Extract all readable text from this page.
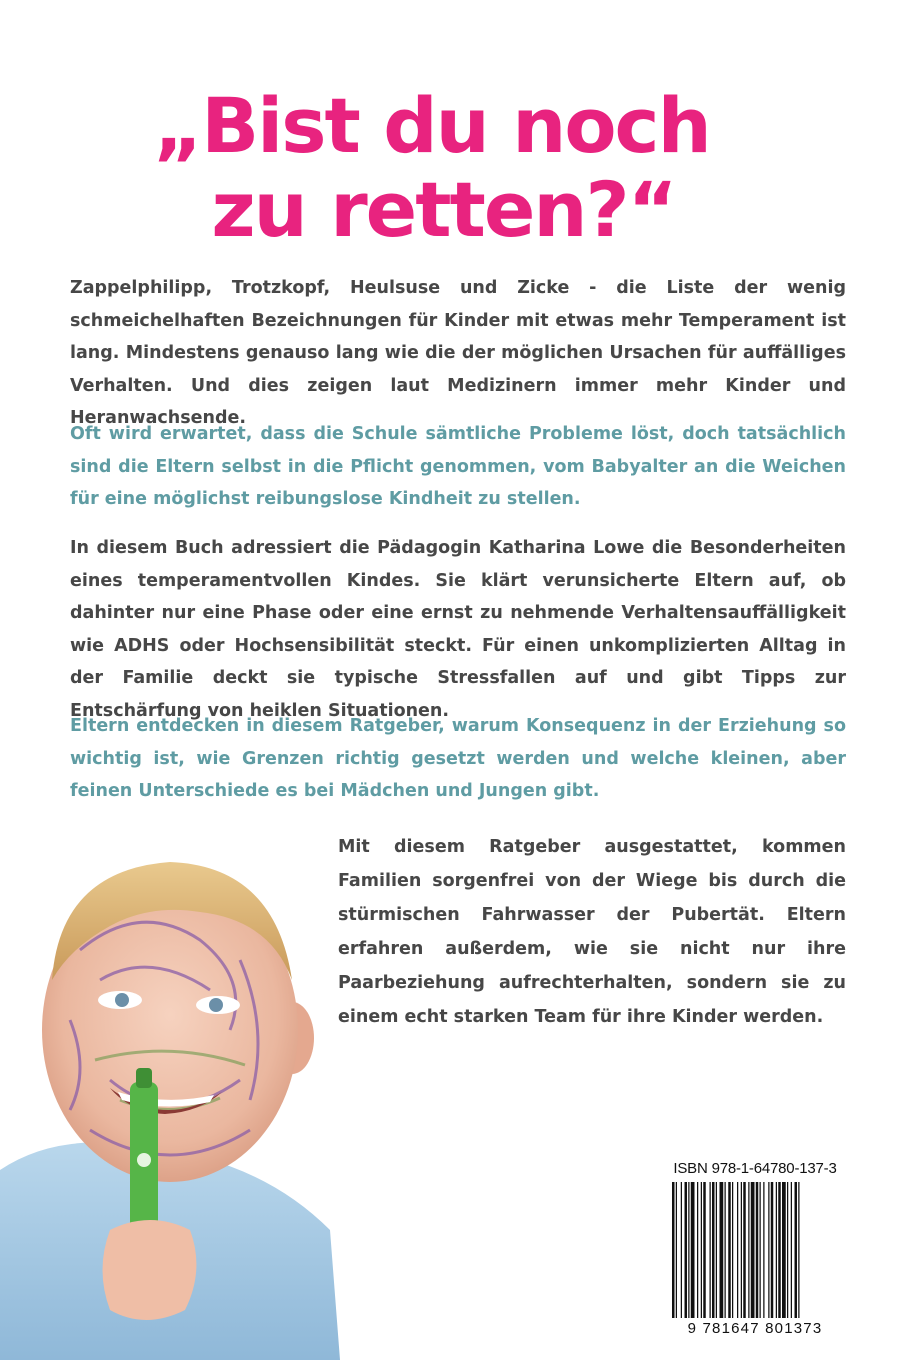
„Bist du noch
zu retten?“

Zappelphilipp, Trotzkopf, Heulsuse und Zicke - die Liste der wenig schmeichelhaften Bezeichnungen für Kinder mit etwas mehr Temperament ist lang. Mindestens genauso lang wie die der möglichen Ursachen für auffälliges Verhalten. Und dies zeigen laut Medizinern immer mehr Kinder und Heranwachsende.

Oft wird erwartet, dass die Schule sämtliche Probleme löst, doch tatsächlich sind die Eltern selbst in die Pflicht genommen, vom Babyalter an die Weichen für eine möglichst reibungslose Kindheit zu stellen.

In diesem Buch adressiert die Pädagogin Katharina Lowe die Besonderheiten eines temperamentvollen Kindes. Sie klärt verunsicherte Eltern auf, ob dahinter nur eine Phase oder eine ernst zu nehmende Verhaltensauffälligkeit wie ADHS oder Hochsensibilität steckt. Für einen unkomplizierten Alltag in der Familie deckt sie typische Stressfallen auf und gibt Tipps zur Entschärfung von heiklen Situationen.

Eltern entdecken in diesem Ratgeber, warum Konsequenz in der Erziehung so wichtig ist, wie Grenzen richtig gesetzt werden und welche kleinen, aber feinen Unterschiede es bei Mädchen und Jungen gibt.

Mit diesem Ratgeber ausgestattet, kommen Familien sorgenfrei von der Wiege bis durch die stürmischen Fahrwasser der Pubertät. Eltern erfahren außerdem, wie sie nicht nur ihre Paarbeziehung aufrechterhalten, sondern sie zu einem echt starken Team für ihre Kinder werden.

ISBN 978-1-64780-137-3
9 781647 801373
